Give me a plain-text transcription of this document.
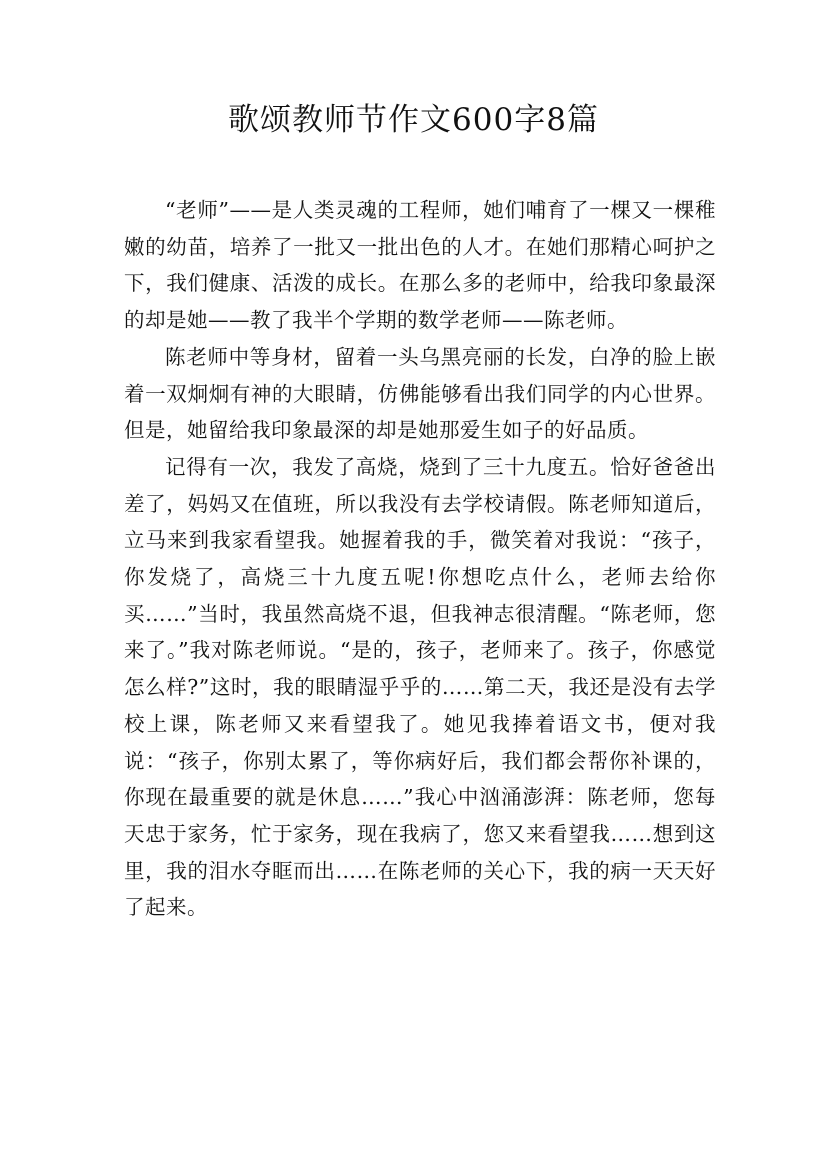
歌颂教师节作文600字8篇

“老师”——是人类灵魂的工程师，她们哺育了一棵又一棵稚嫩的幼苗，培养了一批又一批出色的人才。在她们那精心呵护之下，我们健康、活泼的成长。在那么多的老师中，给我印象最深的却是她——教了我半个学期的数学老师——陈老师。

陈老师中等身材，留着一头乌黑亮丽的长发，白净的脸上嵌着一双炯炯有神的大眼睛，仿佛能够看出我们同学的内心世界。但是，她留给我印象最深的却是她那爱生如子的好品质。

记得有一次，我发了高烧，烧到了三十九度五。恰好爸爸出差了，妈妈又在值班，所以我没有去学校请假。陈老师知道后，立马来到我家看望我。她握着我的手，微笑着对我说：“孩子，你发烧了，高烧三十九度五呢!你想吃点什么，老师去给你买……”当时，我虽然高烧不退，但我神志很清醒。“陈老师，您来了。”我对陈老师说。“是的，孩子，老师来了。孩子，你感觉怎么样?”这时，我的眼睛湿乎乎的……第二天，我还是没有去学校上课，陈老师又来看望我了。她见我捧着语文书，便对我说：“孩子，你别太累了，等你病好后，我们都会帮你补课的，你现在最重要的就是休息……”我心中汹涌澎湃：陈老师，您每天忠于家务，忙于家务，现在我病了，您又来看望我……想到这里，我的泪水夺眶而出……在陈老师的关心下，我的病一天天好了起来。
